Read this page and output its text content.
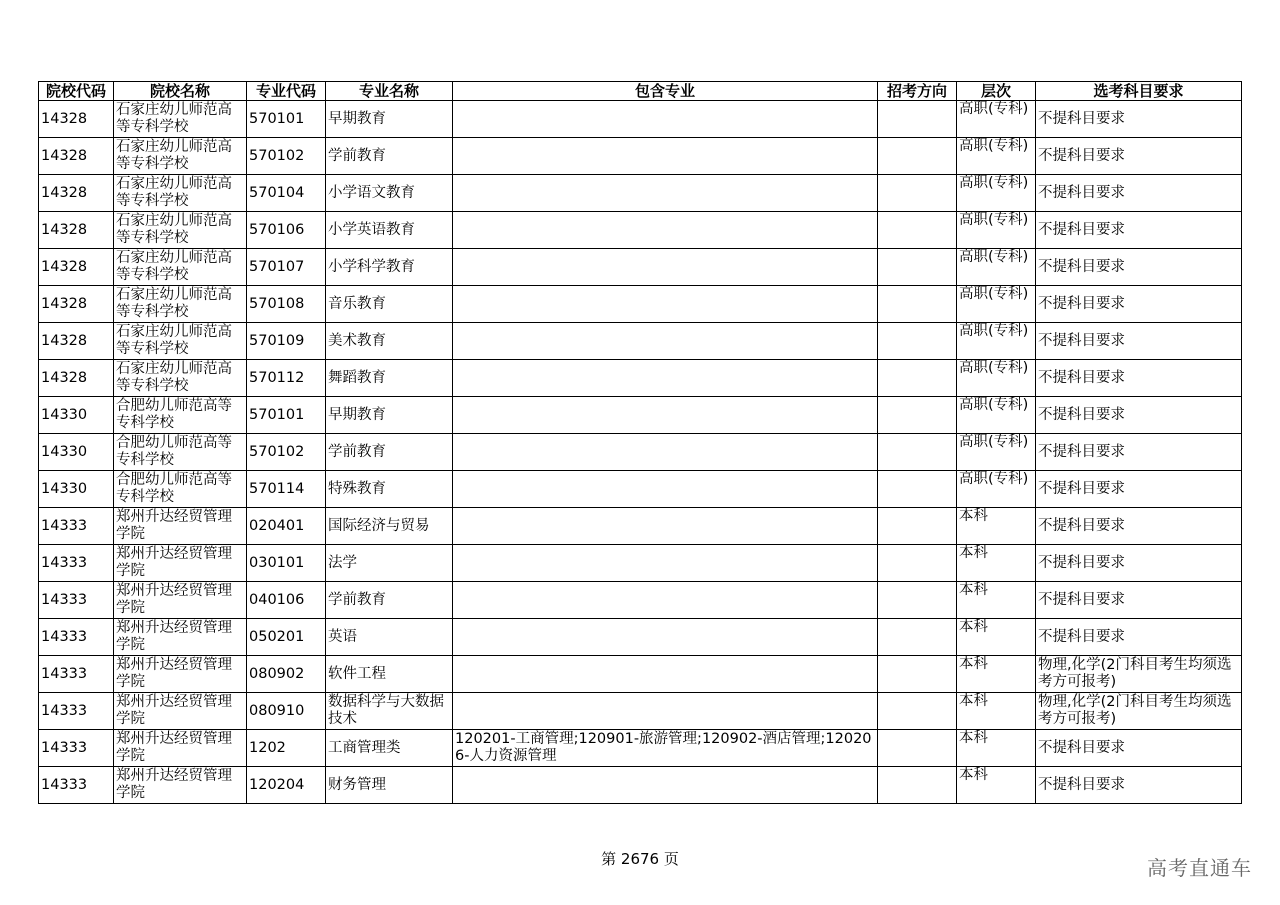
院校代码	院校名称	专业代码	专业名称	包含专业	招考方向	层次	选考科目要求
14328	石家庄幼儿师范高等专科学校	570101	早期教育			高职(专科)	不提科目要求
14328	石家庄幼儿师范高等专科学校	570102	学前教育			高职(专科)	不提科目要求
14328	石家庄幼儿师范高等专科学校	570104	小学语文教育			高职(专科)	不提科目要求
14328	石家庄幼儿师范高等专科学校	570106	小学英语教育			高职(专科)	不提科目要求
14328	石家庄幼儿师范高等专科学校	570107	小学科学教育			高职(专科)	不提科目要求
14328	石家庄幼儿师范高等专科学校	570108	音乐教育			高职(专科)	不提科目要求
14328	石家庄幼儿师范高等专科学校	570109	美术教育			高职(专科)	不提科目要求
14328	石家庄幼儿师范高等专科学校	570112	舞蹈教育			高职(专科)	不提科目要求
14330	合肥幼儿师范高等专科学校	570101	早期教育			高职(专科)	不提科目要求
14330	合肥幼儿师范高等专科学校	570102	学前教育			高职(专科)	不提科目要求
14330	合肥幼儿师范高等专科学校	570114	特殊教育			高职(专科)	不提科目要求
14333	郑州升达经贸管理学院	020401	国际经济与贸易			本科	不提科目要求
14333	郑州升达经贸管理学院	030101	法学			本科	不提科目要求
14333	郑州升达经贸管理学院	040106	学前教育			本科	不提科目要求
14333	郑州升达经贸管理学院	050201	英语			本科	不提科目要求
14333	郑州升达经贸管理学院	080902	软件工程			本科	物理,化学(2门科目考生均须选考方可报考)
14333	郑州升达经贸管理学院	080910	数据科学与大数据技术			本科	物理,化学(2门科目考生均须选考方可报考)
14333	郑州升达经贸管理学院	1202	工商管理类	120201-工商管理;120901-旅游管理;120902-酒店管理;120206-人力资源管理		本科	不提科目要求
14333	郑州升达经贸管理学院	120204	财务管理			本科	不提科目要求
第 2676 页	高考直通车
